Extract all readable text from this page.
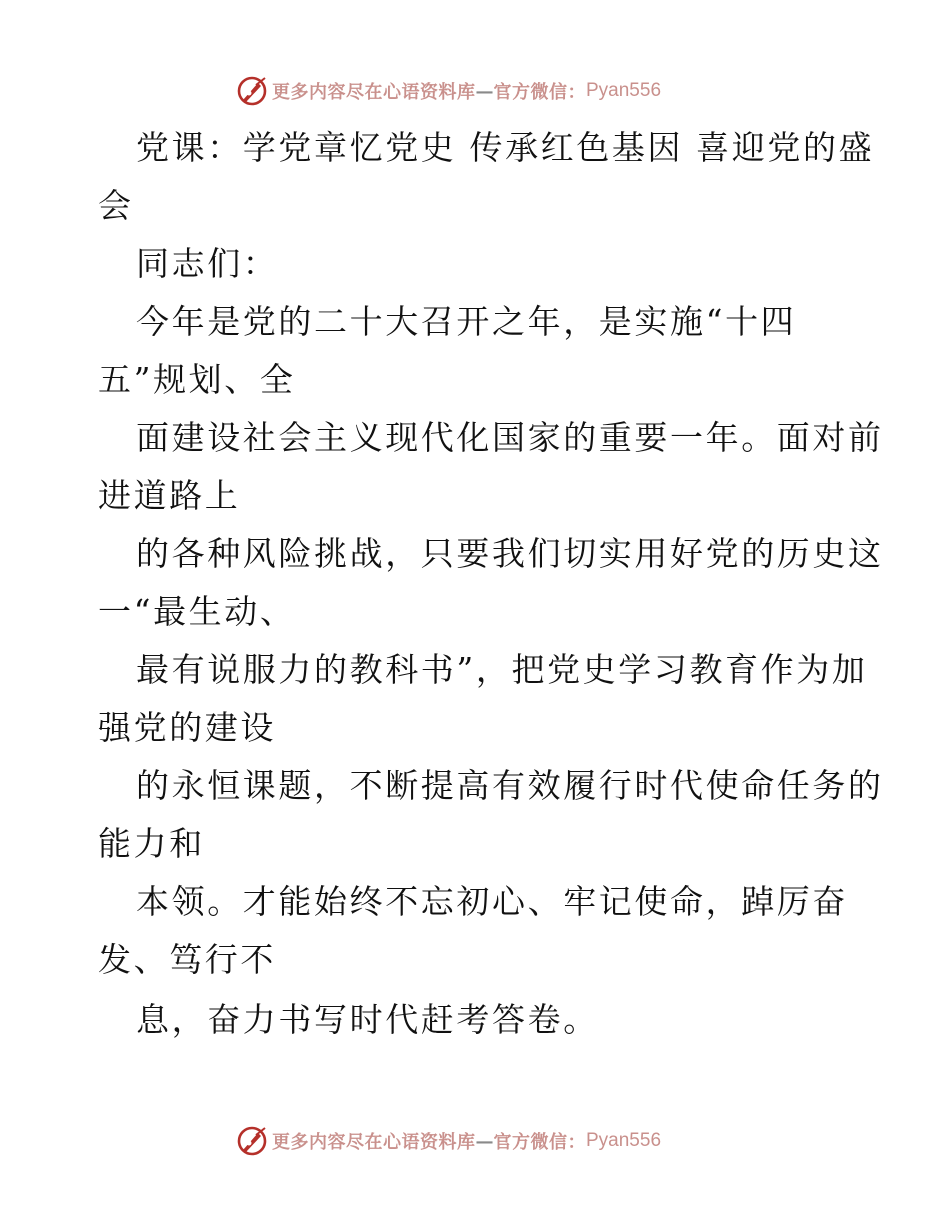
更多内容尽在心语资料库 — 官方微信： Pyan556
党课：学党章忆党史 传承红色基因 喜迎党的盛
会
同志们：
今年是党的二十大召开之年，是实施“十四
五”规划、全
面建设社会主义现代化国家的重要一年。面对前
进道路上
的各种风险挑战，只要我们切实用好党的历史这
一“最生动、
最有说服力的教科书”，把党史学习教育作为加
强党的建设
的永恒课题，不断提高有效履行时代使命任务的
能力和
本领。才能始终不忘初心、牢记使命，踔厉奋
发、笃行不
息，奋力书写时代赶考答卷。
更多内容尽在心语资料库 — 官方微信： Pyan556
